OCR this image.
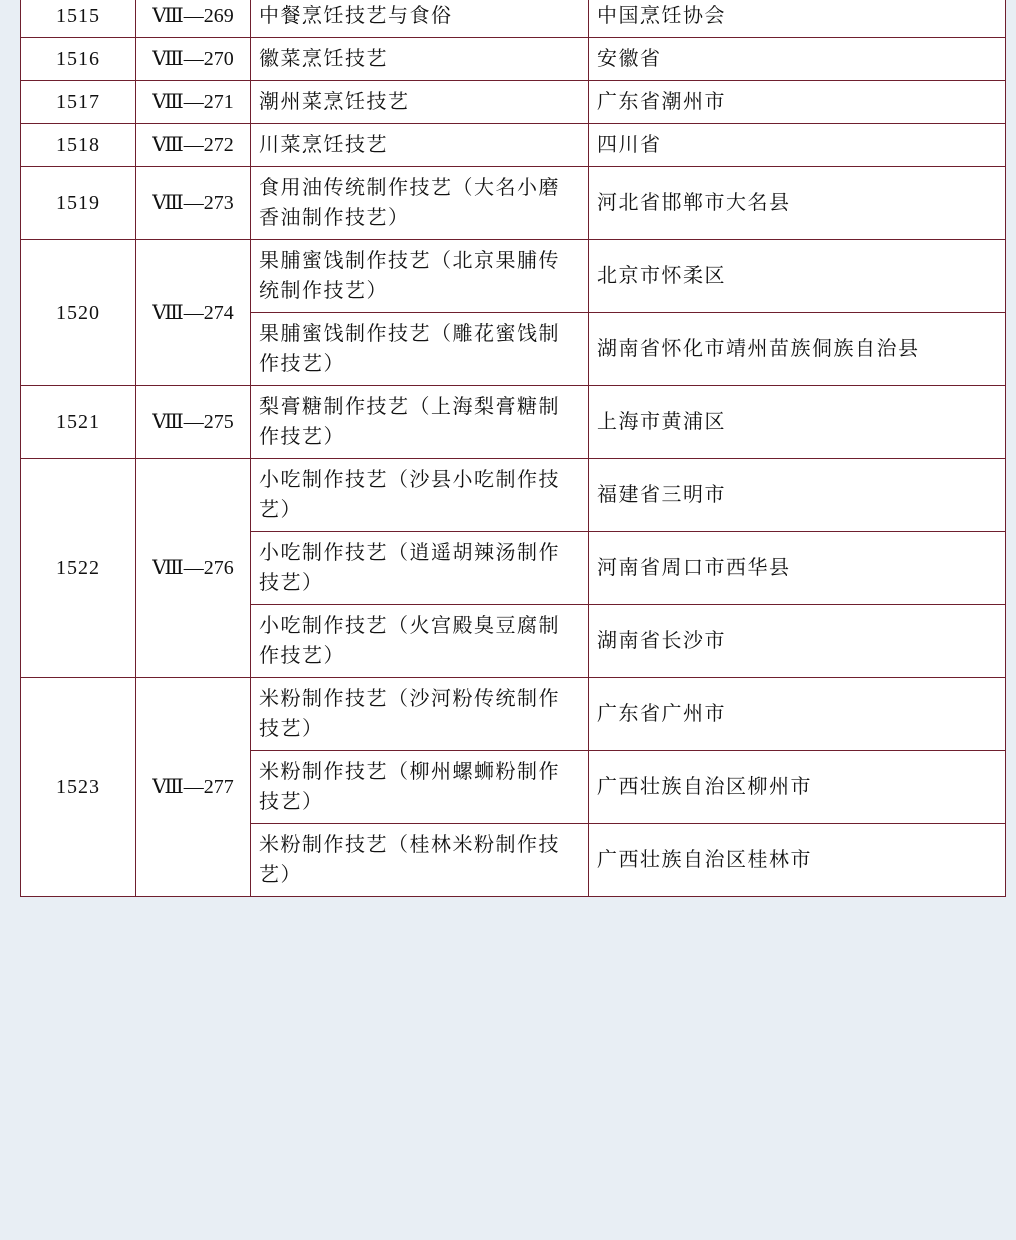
1515	Ⅷ—269	中餐烹饪技艺与食俗	中国烹饪协会
1516	Ⅷ—270	徽菜烹饪技艺	安徽省
1517	Ⅷ—271	潮州菜烹饪技艺	广东省潮州市
1518	Ⅷ—272	川菜烹饪技艺	四川省
1519	Ⅷ—273	食用油传统制作技艺（大名小磨香油制作技艺）	河北省邯郸市大名县
1520	Ⅷ—274	果脯蜜饯制作技艺（北京果脯传统制作技艺）	北京市怀柔区
		果脯蜜饯制作技艺（雕花蜜饯制作技艺）	湖南省怀化市靖州苗族侗族自治县
1521	Ⅷ—275	梨膏糖制作技艺（上海梨膏糖制作技艺）	上海市黄浦区
1522	Ⅷ—276	小吃制作技艺（沙县小吃制作技艺）	福建省三明市
		小吃制作技艺（逍遥胡辣汤制作技艺）	河南省周口市西华县
		小吃制作技艺（火宫殿臭豆腐制作技艺）	湖南省长沙市
1523	Ⅷ—277	米粉制作技艺（沙河粉传统制作技艺）	广东省广州市
		米粉制作技艺（柳州螺蛳粉制作技艺）	广西壮族自治区柳州市
		米粉制作技艺（桂林米粉制作技艺）	广西壮族自治区桂林市
